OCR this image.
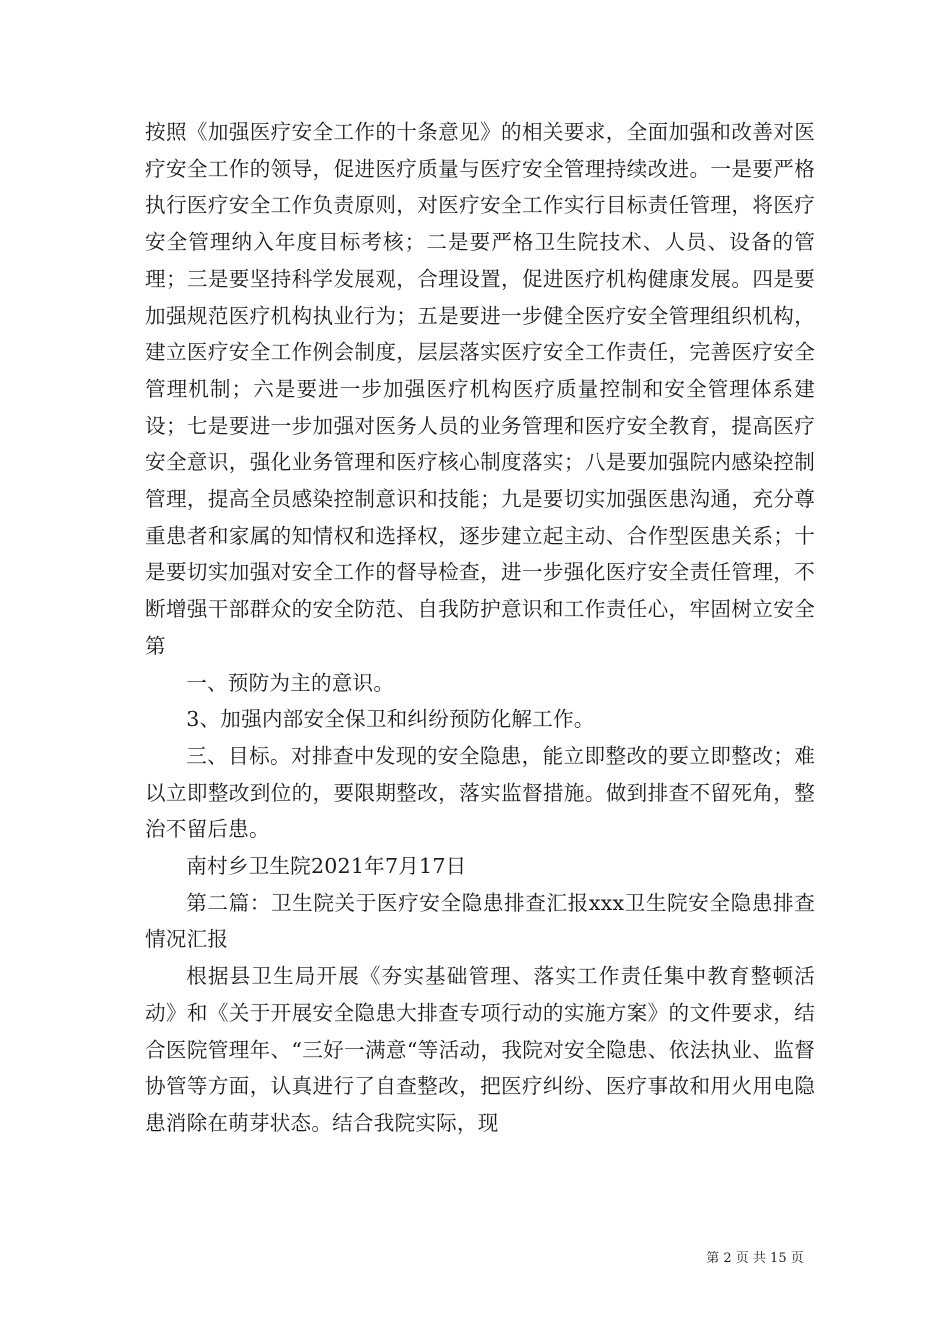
按照《加强医疗安全工作的十条意见》的相关要求，全面加强和改善对医疗安全工作的领导，促进医疗质量与医疗安全管理持续改进。一是要严格执行医疗安全工作负责原则，对医疗安全工作实行目标责任管理，将医疗安全管理纳入年度目标考核；二是要严格卫生院技术、人员、设备的管理；三是要坚持科学发展观，合理设置，促进医疗机构健康发展。四是要加强规范医疗机构执业行为；五是要进一步健全医疗安全管理组织机构，建立医疗安全工作例会制度，层层落实医疗安全工作责任，完善医疗安全管理机制；六是要进一步加强医疗机构医疗质量控制和安全管理体系建设；七是要进一步加强对医务人员的业务管理和医疗安全教育，提高医疗安全意识，强化业务管理和医疗核心制度落实；八是要加强院内感染控制管理，提高全员感染控制意识和技能；九是要切实加强医患沟通，充分尊重患者和家属的知情权和选择权，逐步建立起主动、合作型医患关系；十是要切实加强对安全工作的督导检查，进一步强化医疗安全责任管理，不断增强干部群众的安全防范、自我防护意识和工作责任心，牢固树立安全第

一、预防为主的意识。

3、加强内部安全保卫和纠纷预防化解工作。

三、目标。对排查中发现的安全隐患，能立即整改的要立即整改；难以立即整改到位的，要限期整改，落实监督措施。做到排查不留死角，整治不留后患。

南村乡卫生院2021年7月17日

第二篇：卫生院关于医疗安全隐患排查汇报xxx卫生院安全隐患排查情况汇报

根据县卫生局开展《夯实基础管理、落实工作责任集中教育整顿活动》和《关于开展安全隐患大排查专项行动的实施方案》的文件要求，结合医院管理年、“三好一满意“等活动，我院对安全隐患、依法执业、监督协管等方面，认真进行了自查整改，把医疗纠纷、医疗事故和用火用电隐患消除在萌芽状态。结合我院实际，现

第 2 页 共 15 页
